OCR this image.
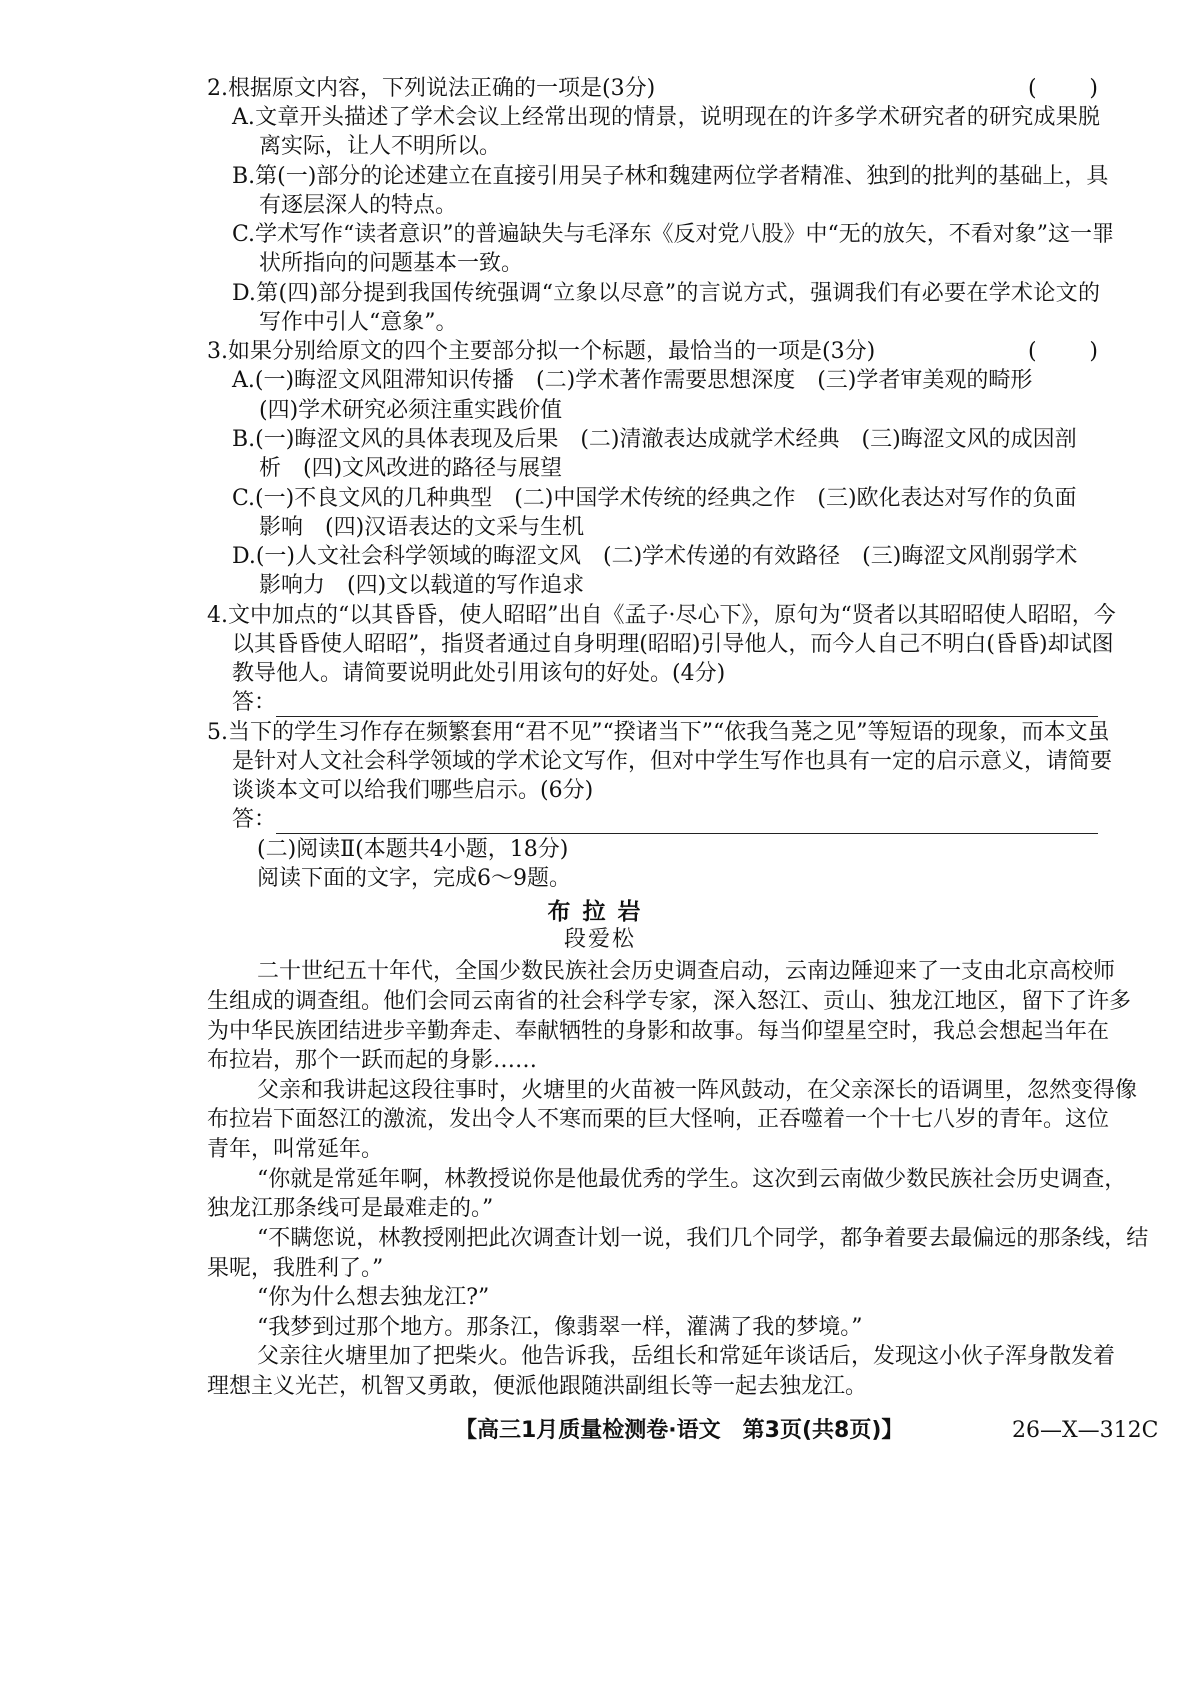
2.根据原文内容，下列说法正确的一项是(3分)	(　　)
A.文章开头描述了学术会议上经常出现的情景，说明现在的许多学术研究者的研究成果脱
离实际，让人不明所以。
B.第(一)部分的论述建立在直接引用吴子林和魏建两位学者精准、独到的批判的基础上，具
有逐层深人的特点。
C.学术写作“读者意识”的普遍缺失与毛泽东《反对党八股》中“无的放矢，不看对象”这一罪
状所指向的问题基本一致。
D.第(四)部分提到我国传统强调“立象以尽意”的言说方式，强调我们有必要在学术论文的
写作中引人“意象”。
3.如果分别给原文的四个主要部分拟一个标题，最恰当的一项是(3分)	(　　)
A.(一)晦涩文风阻滞知识传播　(二)学术著作需要思想深度　(三)学者审美观的畸形
(四)学术研究必须注重实践价值
B.(一)晦涩文风的具体表现及后果　(二)清澈表达成就学术经典　(三)晦涩文风的成因剖
析　(四)文风改进的路径与展望
C.(一)不良文风的几种典型　(二)中国学术传统的经典之作　(三)欧化表达对写作的负面
影响　(四)汉语表达的文采与生机
D.(一)人文社会科学领域的晦涩文风　(二)学术传递的有效路径　(三)晦涩文风削弱学术
影响力　(四)文以载道的写作追求
4.文中加点的“以其昏昏，使人昭昭”出自《孟子·尽心下》，原句为“贤者以其昭昭使人昭昭，今
以其昏昏使人昭昭”，指贤者通过自身明理(昭昭)引导他人，而今人自己不明白(昏昏)却试图
教导他人。请简要说明此处引用该句的好处。(4分)
答：
5.当下的学生习作存在频繁套用“君不见”“揆诸当下”“依我刍荛之见”等短语的现象，而本文虽
是针对人文社会科学领域的学术论文写作，但对中学生写作也具有一定的启示意义，请简要
谈谈本文可以给我们哪些启示。(6分)
答：
(二)阅读Ⅱ(本题共4小题，18分)
阅读下面的文字，完成6～9题。
布拉岩
段爱松
二十世纪五十年代，全国少数民族社会历史调查启动，云南边陲迎来了一支由北京高校师
生组成的调查组。他们会同云南省的社会科学专家，深入怒江、贡山、独龙江地区，留下了许多
为中华民族团结进步辛勤奔走、奉献牺牲的身影和故事。每当仰望星空时，我总会想起当年在
布拉岩，那个一跃而起的身影……
父亲和我讲起这段往事时，火塘里的火苗被一阵风鼓动，在父亲深长的语调里，忽然变得像
布拉岩下面怒江的激流，发出令人不寒而栗的巨大怪响，正吞噬着一个十七八岁的青年。这位
青年，叫常延年。
“你就是常延年啊，林教授说你是他最优秀的学生。这次到云南做少数民族社会历史调查，
独龙江那条线可是最难走的。”
“不瞒您说，林教授刚把此次调查计划一说，我们几个同学，都争着要去最偏远的那条线，结
果呢，我胜利了。”
“你为什么想去独龙江?”
“我梦到过那个地方。那条江，像翡翠一样，灌满了我的梦境。”
父亲往火塘里加了把柴火。他告诉我，岳组长和常延年谈话后，发现这小伙子浑身散发着
理想主义光芒，机智又勇敢，便派他跟随洪副组长等一起去独龙江。
【高三1月质量检测卷·语文　第3页(共8页)】	26—X—312C
